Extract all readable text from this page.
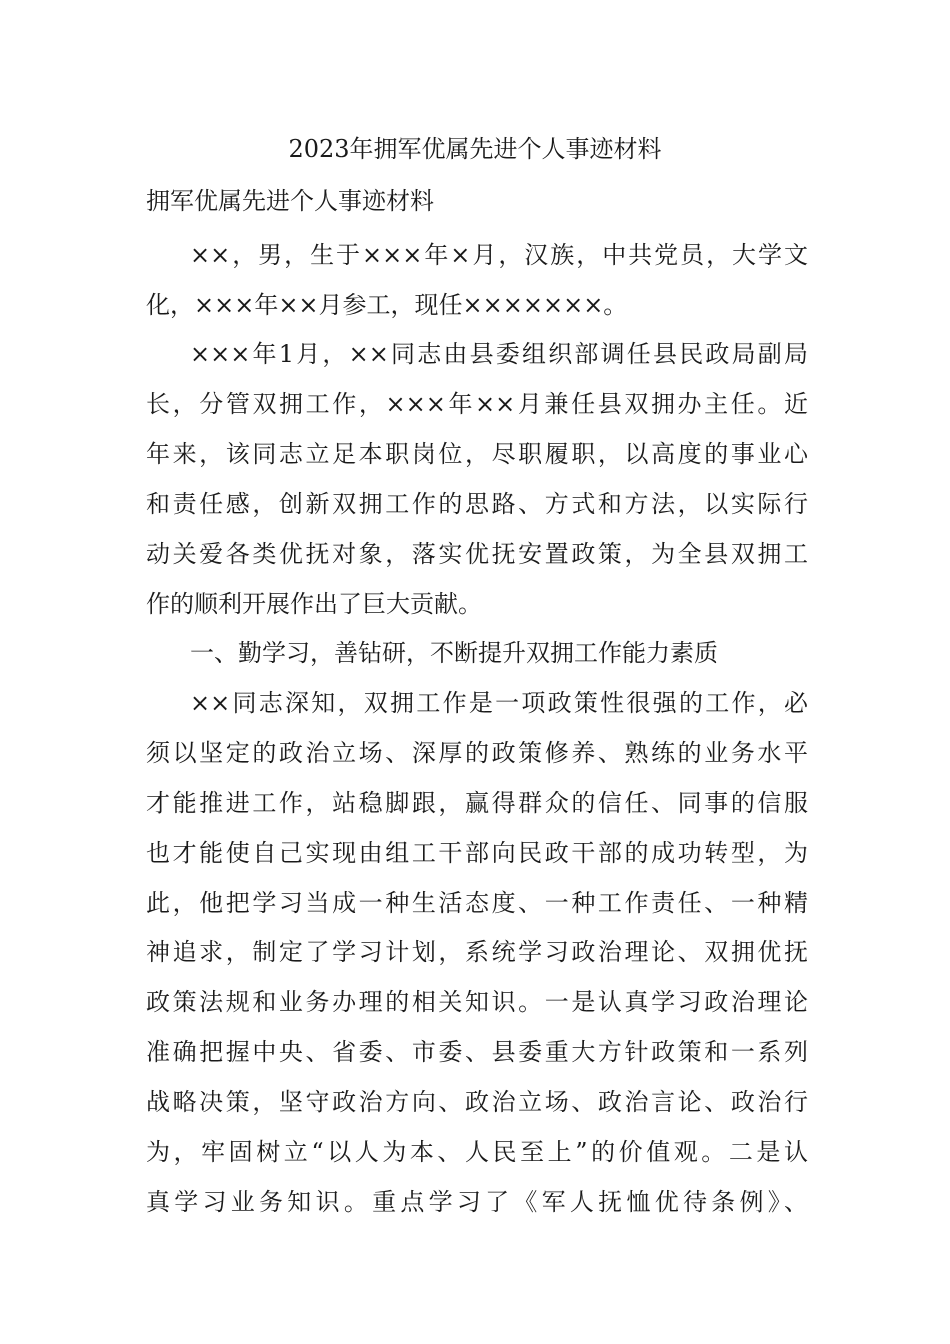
2023年拥军优属先进个人事迹材料
拥军优属先进个人事迹材料
××，男，生于×××年×月，汉族，中共党员，大学文
化，×××年××月参工，现任×××××××。
×××年1月，××同志由县委组织部调任县民政局副局
长，分管双拥工作，×××年××月兼任县双拥办主任。近
年来，该同志立足本职岗位，尽职履职，以高度的事业心
和责任感，创新双拥工作的思路、方式和方法，以实际行
动关爱各类优抚对象，落实优抚安置政策，为全县双拥工
作的顺利开展作出了巨大贡献。
一、勤学习，善钻研，不断提升双拥工作能力素质
××同志深知，双拥工作是一项政策性很强的工作，必
须以坚定的政治立场、深厚的政策修养、熟练的业务水平
才能推进工作，站稳脚跟，赢得群众的信任、同事的信服
也才能使自己实现由组工干部向民政干部的成功转型，为
此，他把学习当成一种生活态度、一种工作责任、一种精
神追求，制定了学习计划，系统学习政治理论、双拥优抚
政策法规和业务办理的相关知识。一是认真学习政治理论
准确把握中央、省委、市委、县委重大方针政策和一系列
战略决策，坚守政治方向、政治立场、政治言论、政治行
为，牢固树立“以人为本、人民至上”的价值观。二是认
真学习业务知识。重点学习了《军人抚恤优待条例》、
